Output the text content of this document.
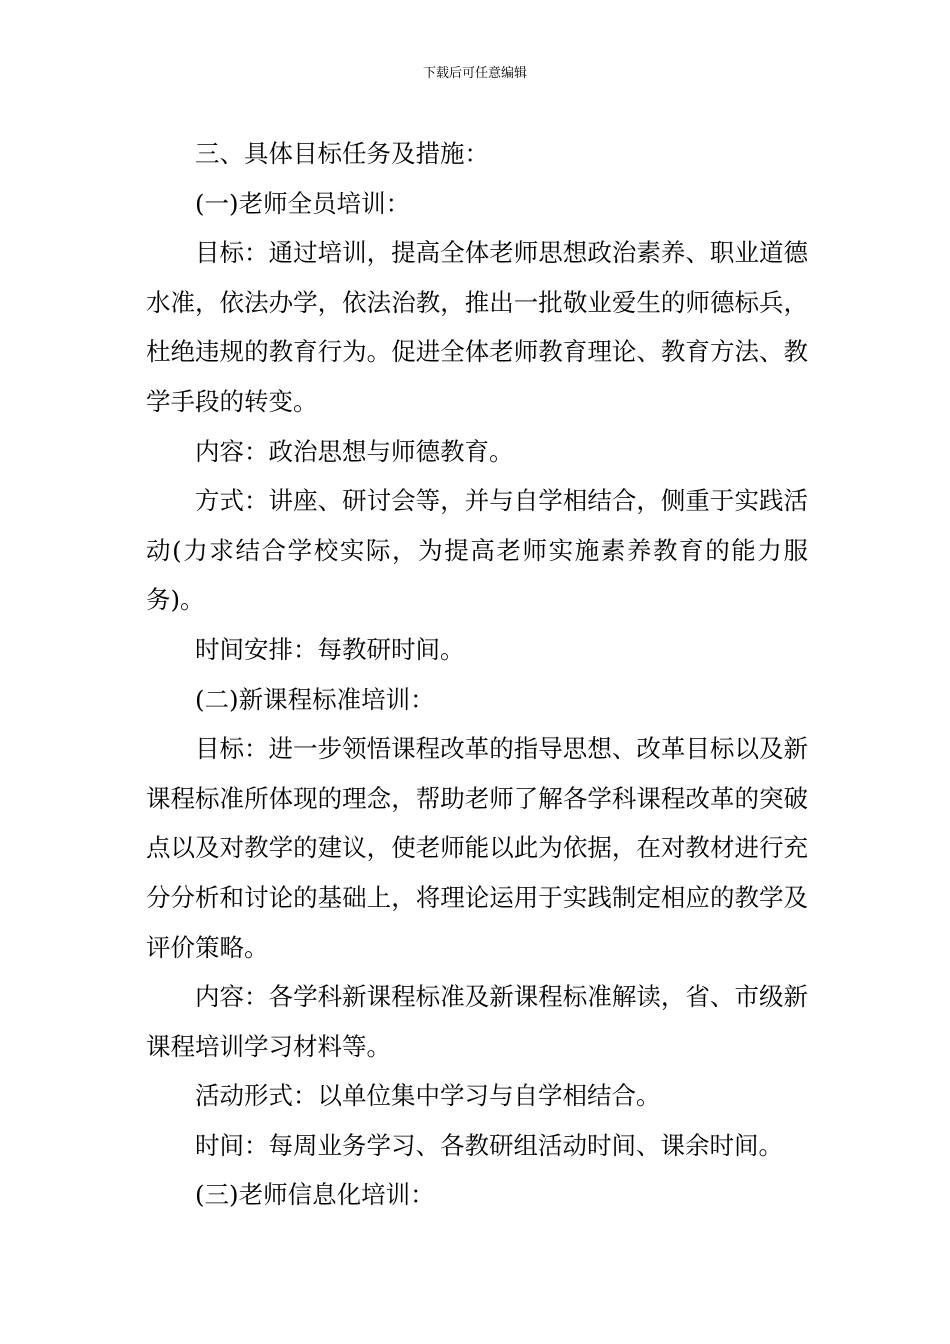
下载后可任意编辑

三、具体目标任务及措施：

(一)老师全员培训：

目标：通过培训，提高全体老师思想政治素养、职业道德水准，依法办学，依法治教，推出一批敬业爱生的师德标兵，杜绝违规的教育行为。促进全体老师教育理论、教育方法、教学手段的转变。

内容：政治思想与师德教育。

方式：讲座、研讨会等，并与自学相结合，侧重于实践活动(力求结合学校实际，为提高老师实施素养教育的能力服务)。

时间安排：每教研时间。

(二)新课程标准培训：

目标：进一步领悟课程改革的指导思想、改革目标以及新课程标准所体现的理念，帮助老师了解各学科课程改革的突破点以及对教学的建议，使老师能以此为依据，在对教材进行充分分析和讨论的基础上，将理论运用于实践制定相应的教学及评价策略。

内容：各学科新课程标准及新课程标准解读，省、市级新课程培训学习材料等。

活动形式：以单位集中学习与自学相结合。

时间：每周业务学习、各教研组活动时间、课余时间。

(三)老师信息化培训：
